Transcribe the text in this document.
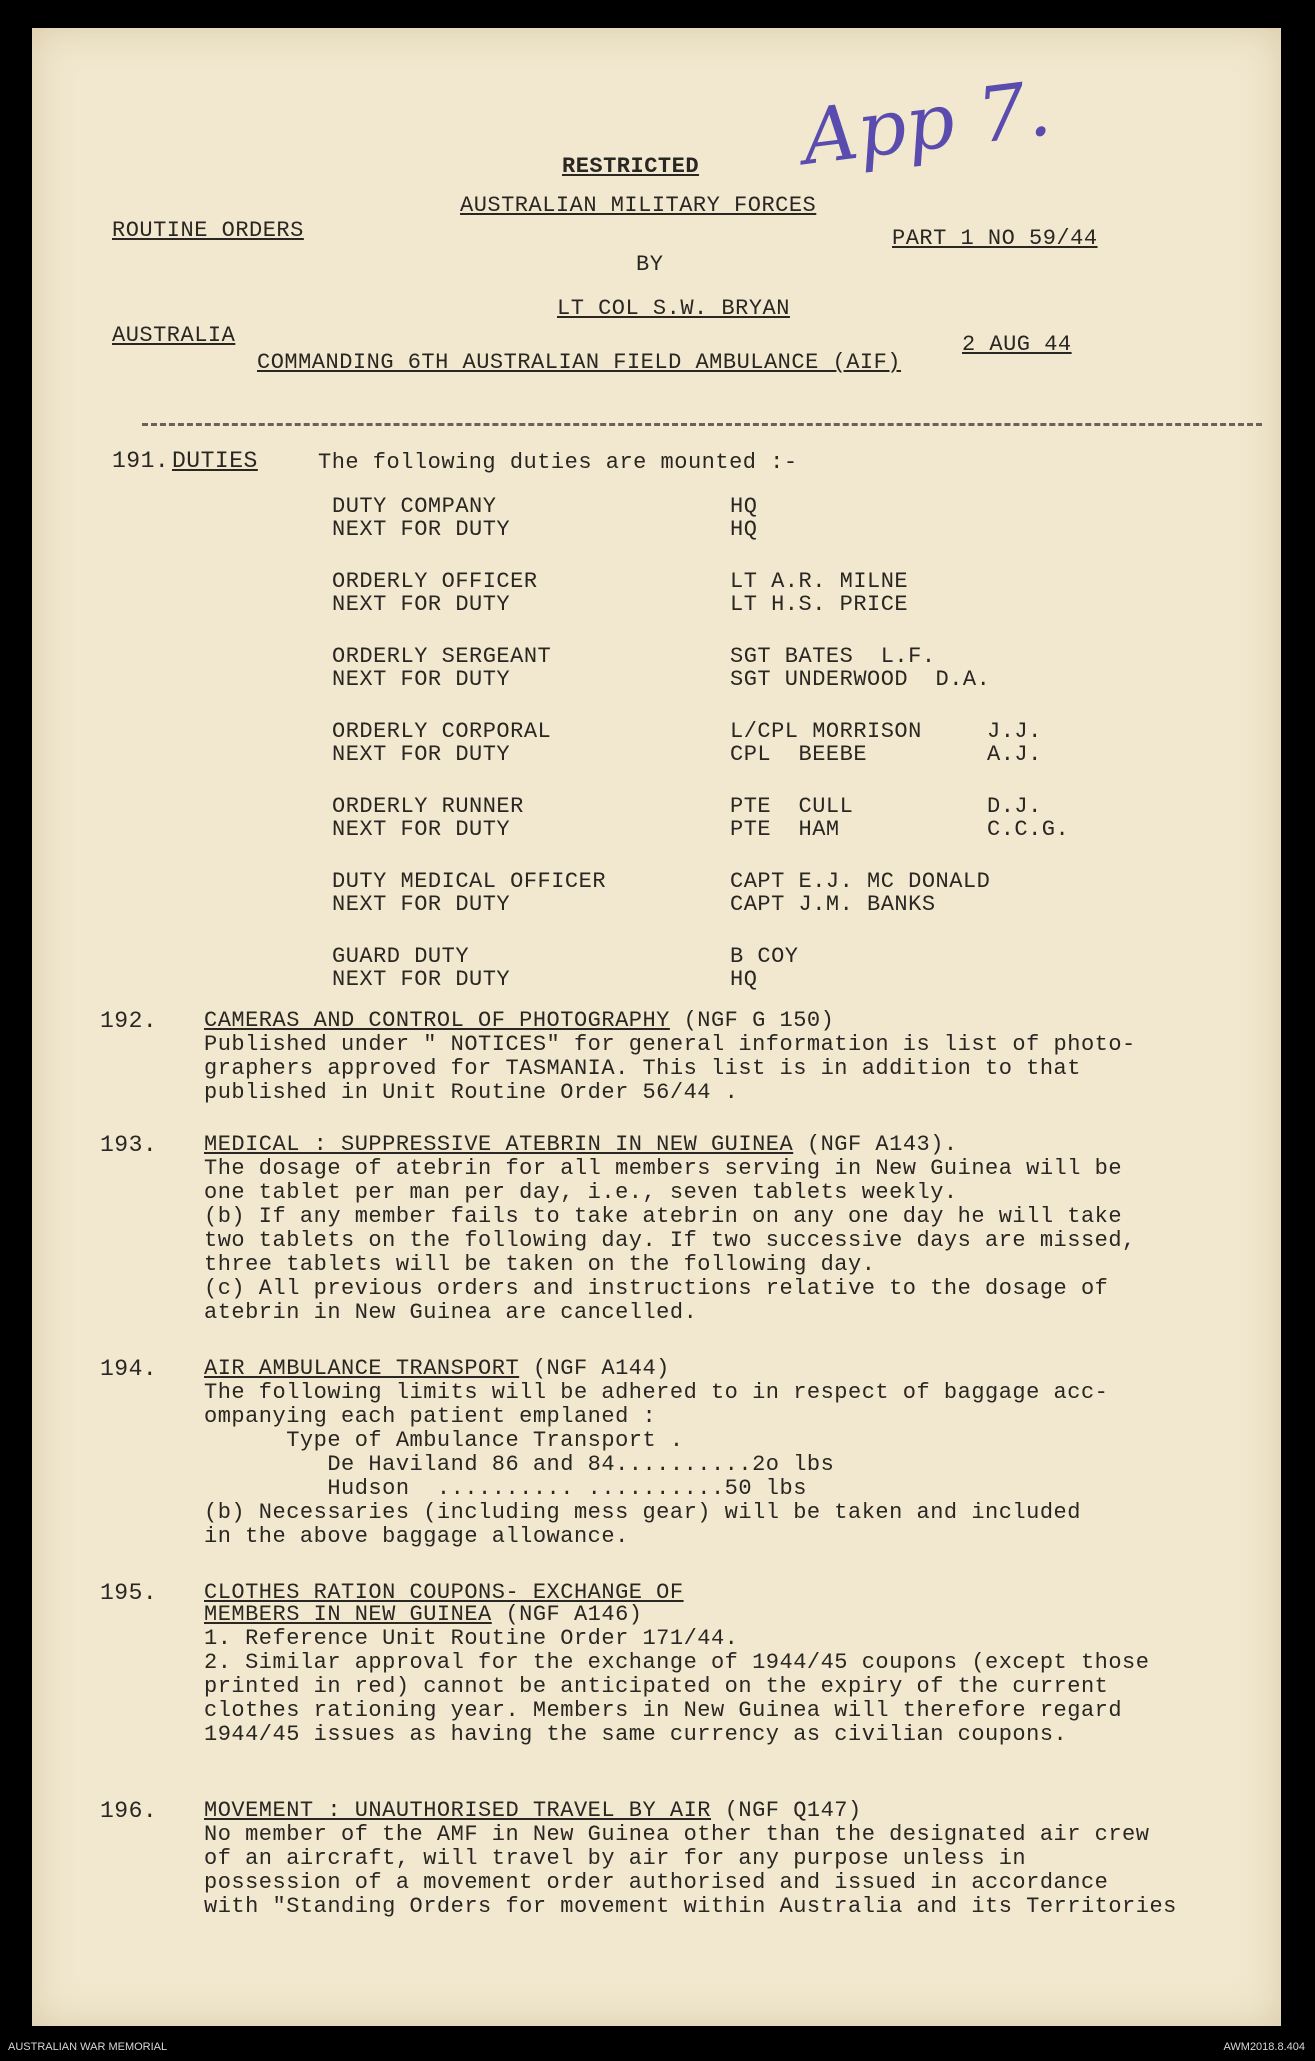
App 7.
RESTRICTED
AUSTRALIAN MILITARY FORCES
ROUTINE ORDERS	PART 1 NO 59/44
BY
LT COL S.W. BRYAN
AUSTRALIA
COMMANDING 6TH AUSTRALIAN FIELD AMBULANCE (AIF)
2 AUG 44
191. DUTIES	The following duties are mounted :-
DUTY COMPANY	HQ
NEXT FOR DUTY	HQ
ORDERLY OFFICER	LT A.R. MILNE
NEXT FOR DUTY	LT H.S. PRICE
ORDERLY SERGEANT	SGT BATES  L.F.
NEXT FOR DUTY	SGT UNDERWOOD  D.A.
ORDERLY CORPORAL	L/CPL MORRISON	J.J.
NEXT FOR DUTY	CPL  BEEBE	A.J.
ORDERLY RUNNER	PTE  CULL	D.J.
NEXT FOR DUTY	PTE  HAM	C.C.G.
DUTY MEDICAL OFFICER	CAPT E.J. MC DONALD
NEXT FOR DUTY	CAPT J.M. BANKS
GUARD DUTY	B COY
NEXT FOR DUTY	HQ
192. CAMERAS AND CONTROL OF PHOTOGRAPHY (NGF G 150)
Published under " NOTICES" for general information is list of photo-
graphers approved for TASMANIA. This list is in addition to that
published in Unit Routine Order 56/44 .
193. MEDICAL : SUPPRESSIVE ATEBRIN IN NEW GUINEA (NGF A143).
The dosage of atebrin for all members serving in New Guinea will be
one tablet per man per day, i.e., seven tablets weekly.
(b) If any member fails to take atebrin on any one day he will take
two tablets on the following day. If two successive days are missed,
three tablets will be taken on the following day.
(c) All previous orders and instructions relative to the dosage of
atebrin in New Guinea are cancelled.
194. AIR AMBULANCE TRANSPORT (NGF A144)
The following limits will be adhered to in respect of baggage acc-
ompanying each patient emplaned :
Type of Ambulance Transport .
De Haviland 86 and 84..........2o lbs
Hudson  .......... ..........50 lbs
(b) Necessaries (including mess gear) will be taken and included
in the above baggage allowance.
195. CLOTHES RATION COUPONS- EXCHANGE OF
MEMBERS IN NEW GUINEA (NGF A146)
1. Reference Unit Routine Order 171/44.
2. Similar approval for the exchange of 1944/45 coupons (except those
printed in red) cannot be anticipated on the expiry of the current
clothes rationing year. Members in New Guinea will therefore regard
1944/45 issues as having the same currency as civilian coupons.
196. MOVEMENT : UNAUTHORISED TRAVEL BY AIR (NGF Q147)
No member of the AMF in New Guinea other than the designated air crew
of an aircraft, will travel by air for any purpose unless in
possession of a movement order authorised and issued in accordance
with "Standing Orders for movement within Australia and its Territories
AUSTRALIAN WAR MEMORIAL	AWM2018.8.404
